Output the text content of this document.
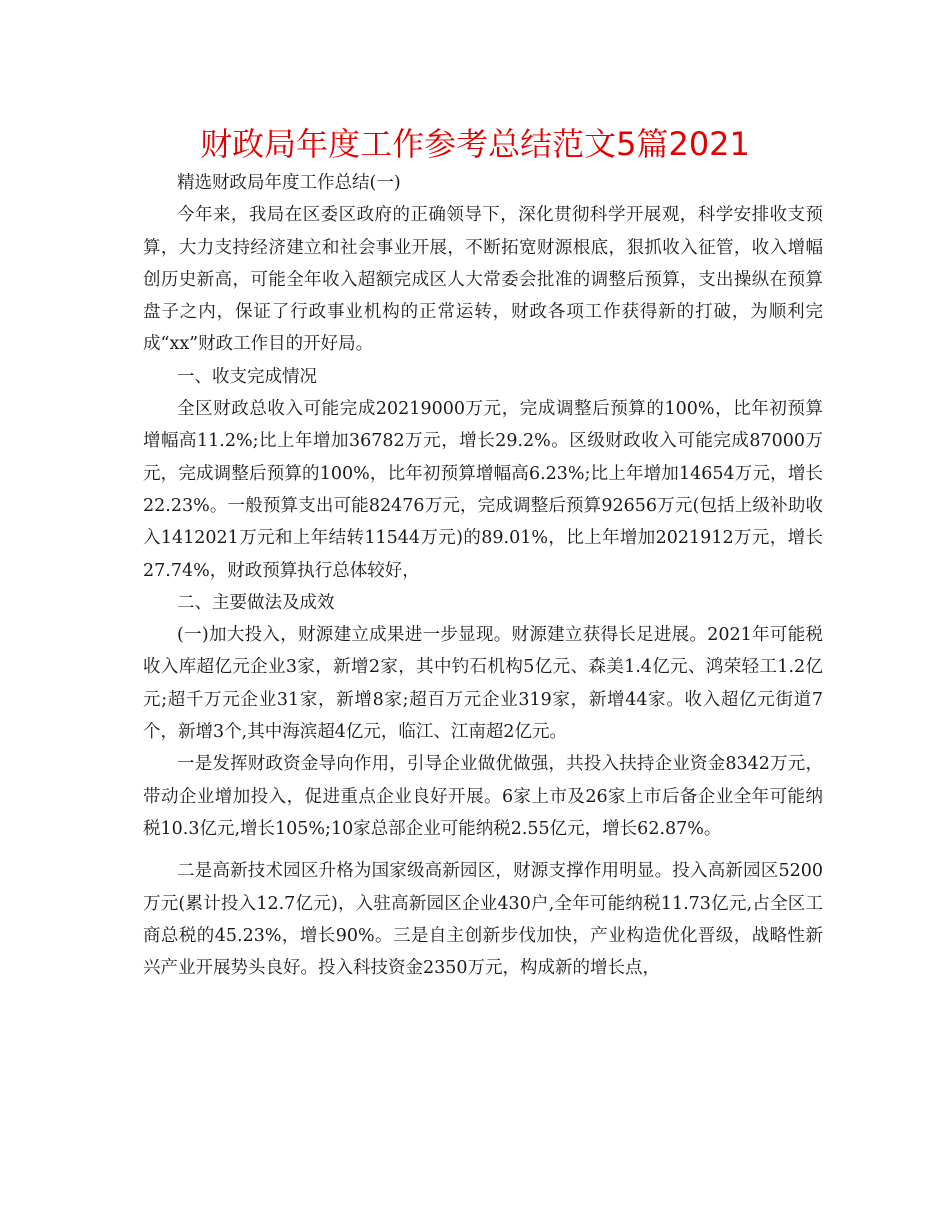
财政局年度工作参考总结范文5篇2021

精选财政局年度工作总结(一)

今年来，我局在区委区政府的正确领导下，深化贯彻科学开展观，科学安排收支预算，大力支持经济建立和社会事业开展，不断拓宽财源根底，狠抓收入征管，收入增幅创历史新高，可能全年收入超额完成区人大常委会批准的调整后预算，支出操纵在预算盘子之内，保证了行政事业机构的正常运转，财政各项工作获得新的打破，为顺利完成“xx”财政工作目的开好局。

一、收支完成情况

全区财政总收入可能完成20219000万元，完成调整后预算的100%，比年初预算增幅高11.2%;比上年增加36782万元，增长29.2%。区级财政收入可能完成87000万元，完成调整后预算的100%，比年初预算增幅高6.23%;比上年增加14654万元，增长22.23%。一般预算支出可能82476万元，完成调整后预算92656万元(包括上级补助收入1412021万元和上年结转11544万元)的89.01%，比上年增加2021912万元，增长27.74%，财政预算执行总体较好，

二、主要做法及成效

(一)加大投入，财源建立成果进一步显现。财源建立获得长足进展。2021年可能税收入库超亿元企业3家，新增2家，其中钓石机构5亿元、森美1.4亿元、鸿荣轻工1.2亿元;超千万元企业31家，新增8家;超百万元企业319家，新增44家。收入超亿元街道7个，新增3个,其中海滨超4亿元，临江、江南超2亿元。

一是发挥财政资金导向作用，引导企业做优做强，共投入扶持企业资金8342万元，带动企业增加投入，促进重点企业良好开展。6家上市及26家上市后备企业全年可能纳税10.3亿元,增长105%;10家总部企业可能纳税2.55亿元，增长62.87%。

二是高新技术园区升格为国家级高新园区，财源支撑作用明显。投入高新园区5200万元(累计投入12.7亿元)，入驻高新园区企业430户,全年可能纳税11.73亿元,占全区工商总税的45.23%，增长90%。三是自主创新步伐加快，产业构造优化晋级，战略性新兴产业开展势头良好。投入科技资金2350万元，构成新的增长点，
